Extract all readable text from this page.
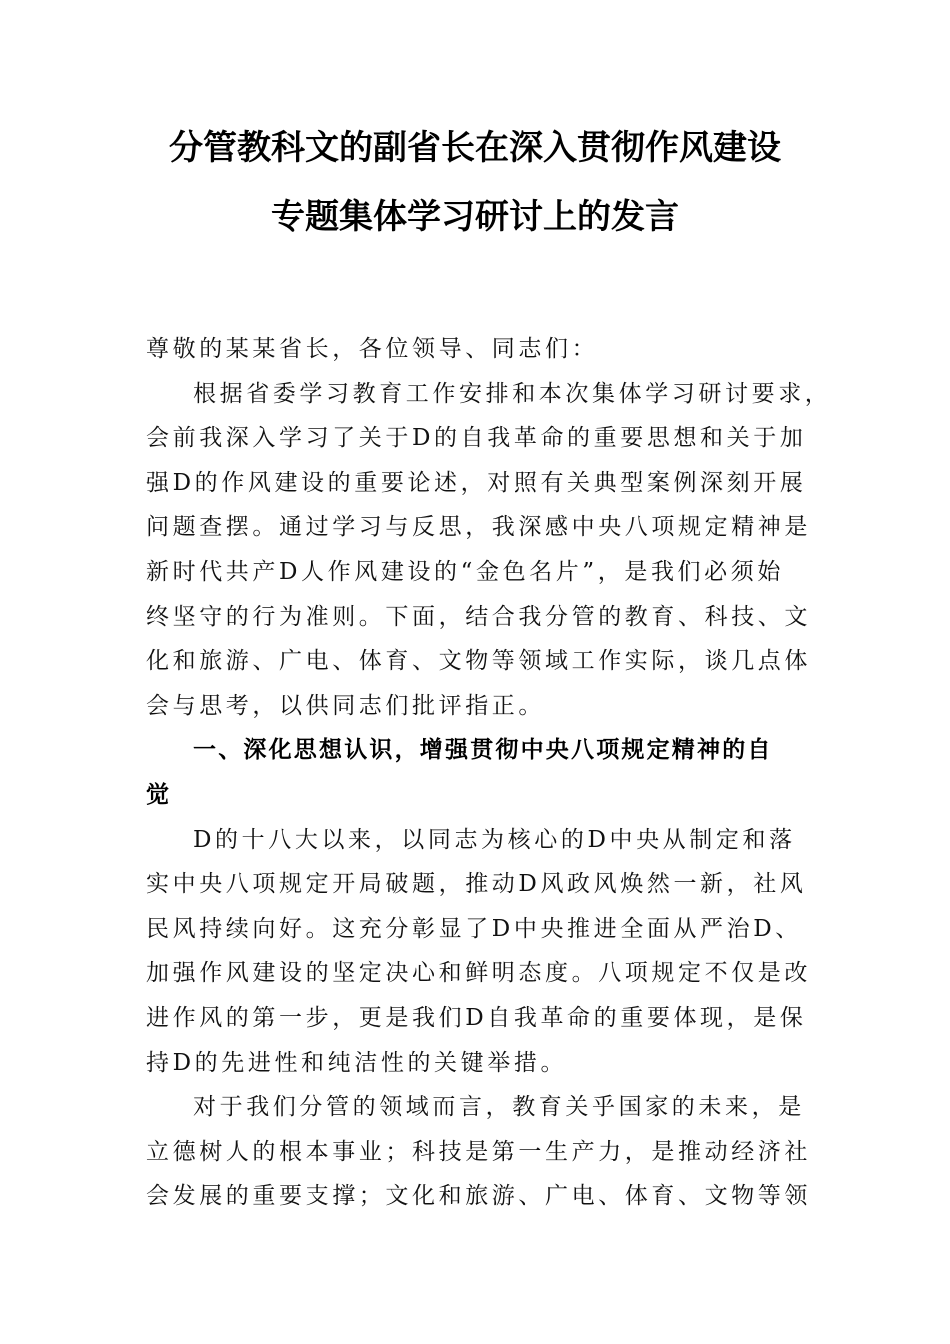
分管教科文的副省长在深入贯彻作风建设
专题集体学习研讨上的发言
尊敬的某某省长，各位领导、同志们：
根据省委学习教育工作安排和本次集体学习研讨要求，
会前我深入学习了关于D的自我革命的重要思想和关于加
强D的作风建设的重要论述，对照有关典型案例深刻开展
问题查摆。通过学习与反思，我深感中央八项规定精神是
新时代共产D人作风建设的“金色名片”，是我们必须始
终坚守的行为准则。下面，结合我分管的教育、科技、文
化和旅游、广电、体育、文物等领域工作实际，谈几点体
会与思考，以供同志们批评指正。
一、深化思想认识，增强贯彻中央八项规定精神的自
觉
D的十八大以来，以同志为核心的D中央从制定和落
实中央八项规定开局破题，推动D风政风焕然一新，社风
民风持续向好。这充分彰显了D中央推进全面从严治D、
加强作风建设的坚定决心和鲜明态度。八项规定不仅是改
进作风的第一步，更是我们D自我革命的重要体现，是保
持D的先进性和纯洁性的关键举措。
对于我们分管的领域而言，教育关乎国家的未来，是
立德树人的根本事业；科技是第一生产力，是推动经济社
会发展的重要支撑；文化和旅游、广电、体育、文物等领
